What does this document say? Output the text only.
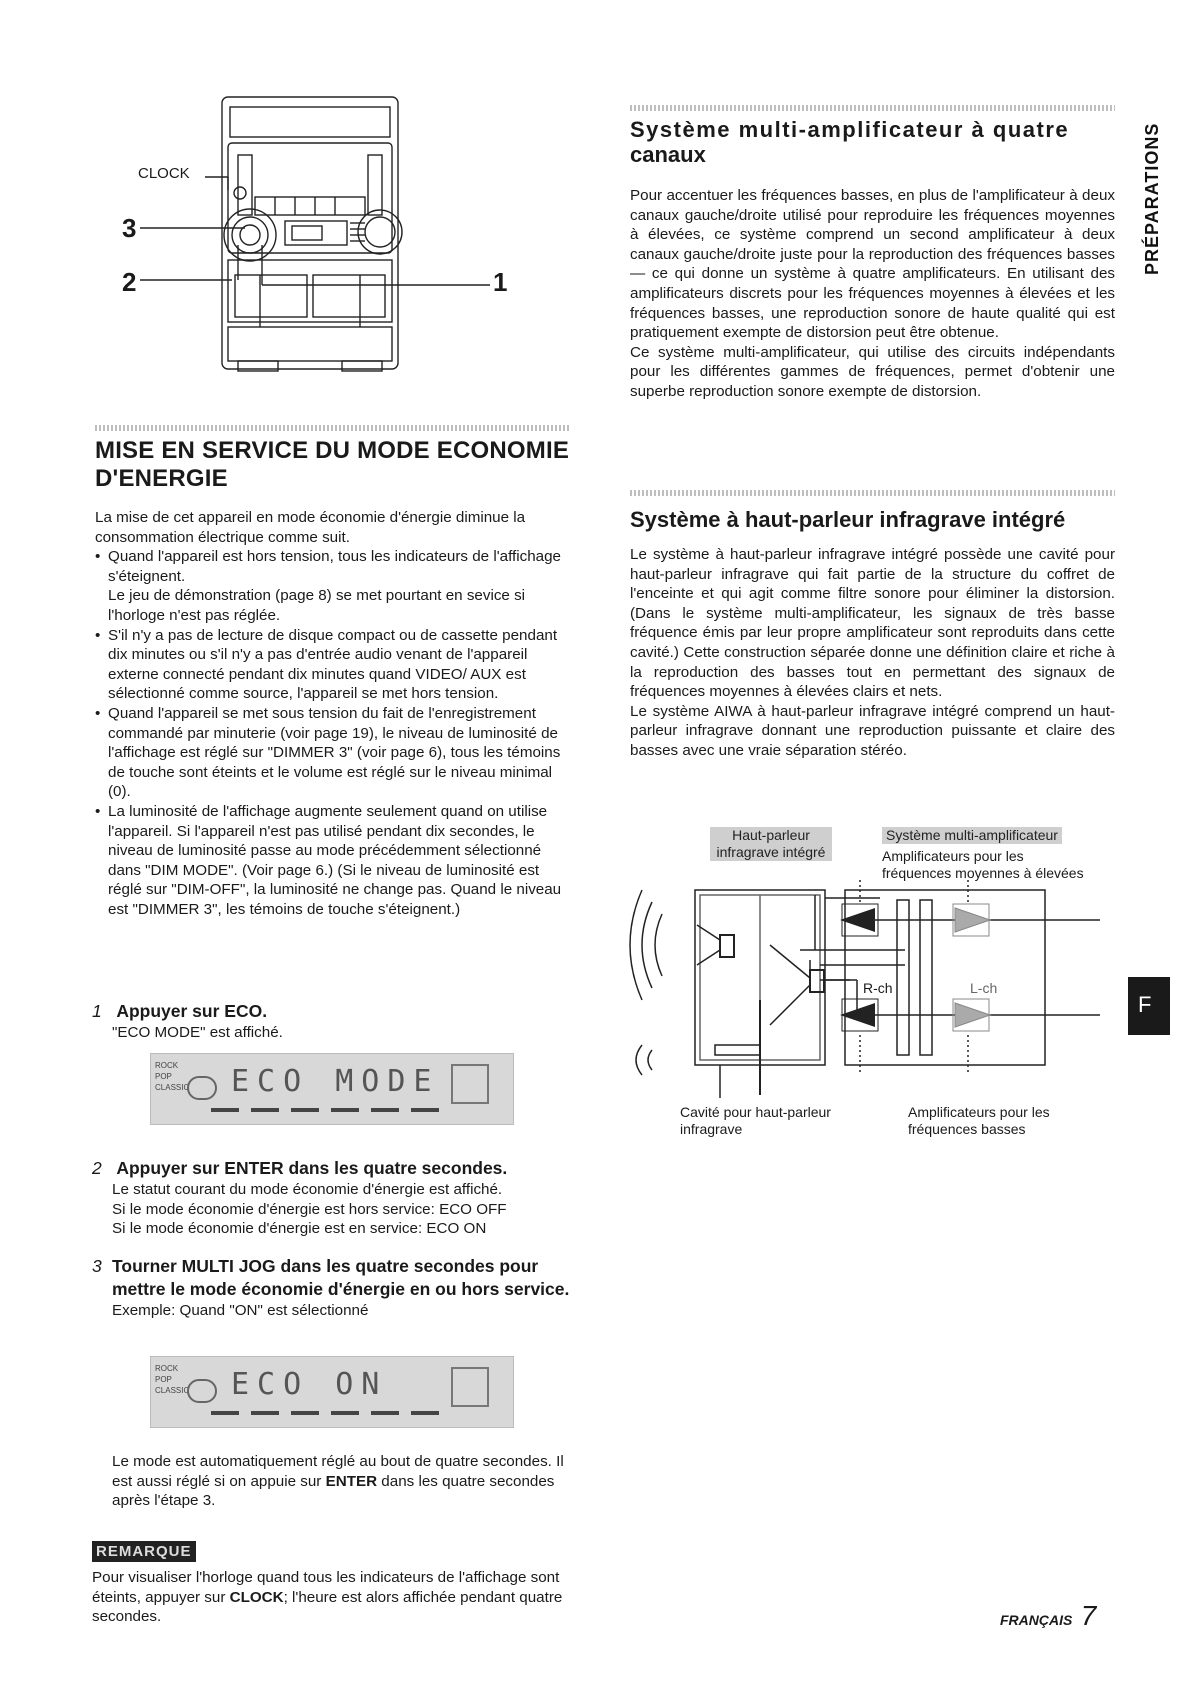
CLOCK
3
2	1
MISE EN SERVICE DU MODE ECONOMIE
D'ENERGIE

La mise de cet appareil en mode économie d'énergie diminue la consommation électrique comme suit.

• Quand l'appareil est hors tension, tous les indicateurs de l'affichage s'éteignent.

Le jeu de démonstration (page 8) se met pourtant en sevice si l'horloge n'est pas réglée.

• S'il n'y a pas de lecture de disque compact ou de cassette pendant dix minutes ou s'il n'y a pas d'entrée audio venant de l'appareil externe connecté pendant dix minutes quand VIDEO/ AUX est sélectionné comme source, l'appareil se met hors tension.

• Quand l'appareil se met sous tension du fait de l'enregistrement commandé par minuterie (voir page 19), le niveau de luminosité de l'affichage est réglé sur "DIMMER 3" (voir page 6), tous les témoins de touche sont éteints et le volume est réglé sur le niveau minimal (0).

• La luminosité de l'affichage augmente seulement quand on utilise l'appareil. Si l'appareil n'est pas utilisé pendant dix secondes, le niveau de luminosité passe au mode précédemment sélectionné dans "DIM MODE". (Voir page 6.) (Si le niveau de luminosité est réglé sur "DIM-OFF", la luminosité ne change pas. Quand le niveau est "DIMMER 3", les témoins de touche s'éteignent.)

1 Appuyer sur ECO.
"ECO MODE" est affiché.
ROCK
POP
CLASSIC ECO MODE
2 Appuyer sur ENTER dans les quatre secondes.

Le statut courant du mode économie d'énergie est affiché.

Si le mode économie d'énergie est hors service: ECO OFF

Si le mode économie d'énergie est en service: ECO ON

3 Tourner MULTI JOG dans les quatre secondes pour mettre le mode économie d'énergie en ou hors service.
Exemple: Quand "ON" est sélectionné
ROCK
POP
CLASSIC ECO ON
Le mode est automatiquement réglé au bout de quatre secondes. Il est aussi réglé si on appuie sur ENTER dans les quatre secondes après l'étape 3.
REMARQUE
Pour visualiser l'horloge quand tous les indicateurs de l'affichage sont éteints, appuyer sur CLOCK; l'heure est alors affichée pendant quatre secondes.
Système multi-amplificateur à quatre
canaux

Pour accentuer les fréquences basses, en plus de l'amplificateur à deux canaux gauche/droite utilisé pour reproduire les fréquences moyennes à élevées, ce système comprend un second amplificateur à deux canaux gauche/droite juste pour la reproduction des fréquences basses — ce qui donne un système à quatre amplificateurs. En utilisant des amplificateurs discrets pour les fréquences moyennes à élevées et les fréquences basses, une reproduction sonore de haute qualité qui est pratiquement exempte de distorsion peut être obtenue.

Ce système multi-amplificateur, qui utilise des circuits indépendants pour les différentes gammes de fréquences, permet d'obtenir une superbe reproduction sonore exempte de distorsion.

Système à haut-parleur infragrave intégré

Le système à haut-parleur infragrave intégré possède une cavité pour haut-parleur infragrave qui fait partie de la structure du coffret de l'enceinte et qui agit comme filtre sonore pour éliminer la distorsion. (Dans le système multi-amplificateur, les signaux de très basse fréquence émis par leur propre amplificateur sont reproduits dans cette cavité.) Cette construction séparée donne une définition claire et riche à la reproduction des basses tout en permettant des signaux de fréquences moyennes à élevées clairs et nets.

Le système AIWA à haut-parleur infragrave intégré comprend un haut-parleur infragrave donnant une reproduction puissante et claire des basses avec une vraie séparation stéréo.

Haut-parleur
infragrave intégré
Système multi-amplificateur
Amplificateurs pour les
fréquences moyennes à élevées
R-ch	L-ch
Cavité pour haut-parleur
infragrave
Amplificateurs pour les
fréquences basses
PRÉPARATIONS
F
FRANÇAIS 7
